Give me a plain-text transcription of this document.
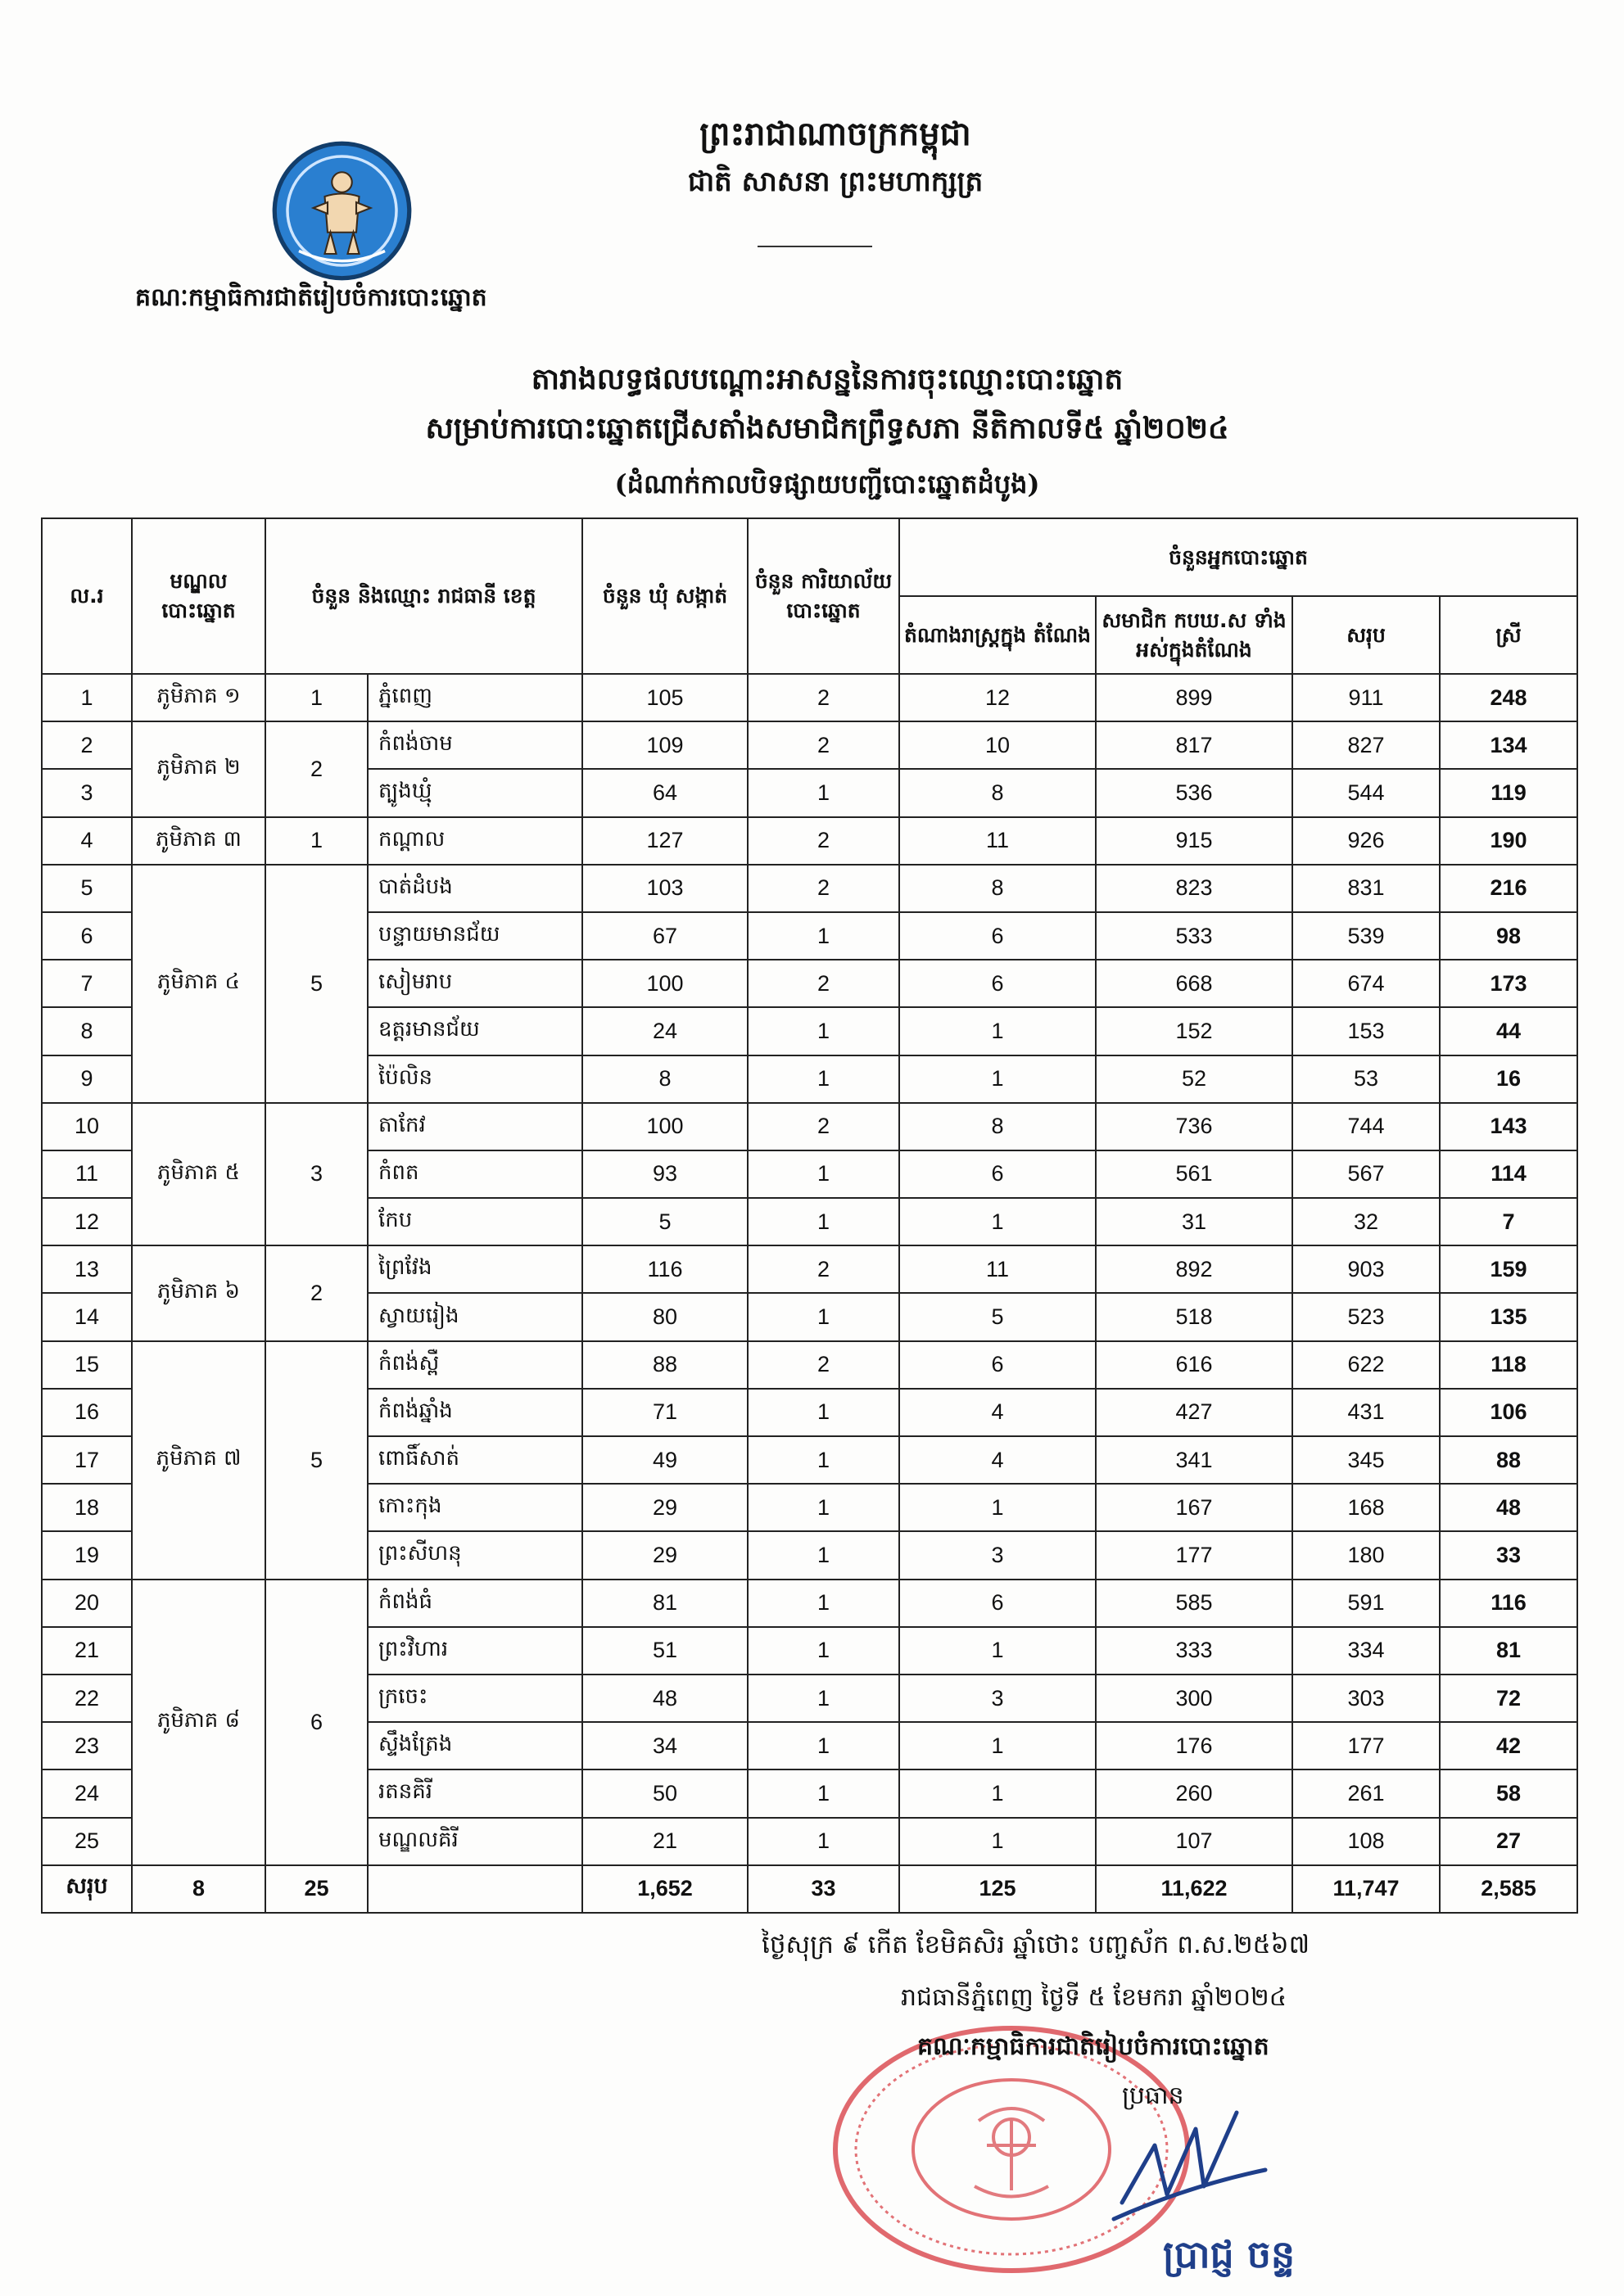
ព្រះរាជាណាចក្រកម្ពុជា
ជាតិ សាសនា ព្រះមហាក្សត្រ
គណៈកម្មាធិការជាតិរៀបចំការបោះឆ្នោត
តារាងលទ្ធផលបណ្ដោះអាសន្ននៃការចុះឈ្មោះបោះឆ្នោត
សម្រាប់ការបោះឆ្នោតជ្រើសតាំងសមាជិកព្រឹទ្ធសភា នីតិកាលទី៥ ឆ្នាំ២០២៤
(ដំណាក់កាលបិទផ្សាយបញ្ជីបោះឆ្នោតដំបូង)
ល.រ	មណ្ឌល បោះឆ្នោត	ចំនួន និងឈ្មោះ រាជធានី ខេត្ត		ចំនួន ឃុំ សង្កាត់	ចំនួន ការិយាល័យ បោះឆ្នោត	ចំនួនអ្នកបោះឆ្នោត			
						តំណាងរាស្ត្រក្នុង តំណែង	សមាជិក កបឃ.ស ទាំងអស់ក្នុងតំណែង	សរុប	ស្រី
1	ភូមិភាគ ១	1	ភ្នំពេញ	105	2	12	899	911	248
2	ភូមិភាគ ២	2	កំពង់ចាម	109	2	10	817	827	134
3			ត្បូងឃ្មុំ	64	1	8	536	544	119
4	ភូមិភាគ ៣	1	កណ្ដាល	127	2	11	915	926	190
5	ភូមិភាគ ៤	5	បាត់ដំបង	103	2	8	823	831	216
6			បន្ទាយមានជ័យ	67	1	6	533	539	98
7			សៀមរាប	100	2	6	668	674	173
8			ឧត្ដរមានជ័យ	24	1	1	152	153	44
9			ប៉ៃលិន	8	1	1	52	53	16
10	ភូមិភាគ ៥	3	តាកែវ	100	2	8	736	744	143
11			កំពត	93	1	6	561	567	114
12			កែប	5	1	1	31	32	7
13	ភូមិភាគ ៦	2	ព្រៃវែង	116	2	11	892	903	159
14			ស្វាយរៀង	80	1	5	518	523	135
15	ភូមិភាគ ៧	5	កំពង់ស្ពឺ	88	2	6	616	622	118
16			កំពង់ឆ្នាំង	71	1	4	427	431	106
17			ពោធិ៍សាត់	49	1	4	341	345	88
18			កោះកុង	29	1	1	167	168	48
19			ព្រះសីហនុ	29	1	3	177	180	33
20	ភូមិភាគ ៨	6	កំពង់ធំ	81	1	6	585	591	116
21			ព្រះវិហារ	51	1	1	333	334	81
22			ក្រចេះ	48	1	3	300	303	72
23			ស្ទឹងត្រែង	34	1	1	176	177	42
24			រតនគិរី	50	1	1	260	261	58
25			មណ្ឌលគិរី	21	1	1	107	108	27
សរុប	8	25		1,652	33	125	11,622	11,747	2,585
ថ្ងៃសុក្រ ៩ កើត ខែមិគសិរ ឆ្នាំថោះ បញ្ចស័ក ព.ស.២៥៦៧
រាជធានីភ្នំពេញ ថ្ងៃទី ៥ ខែមករា ឆ្នាំ២០២៤
គណៈកម្មាធិការជាតិរៀបចំការបោះឆ្នោត
ប្រធាន
ប្រាជ្ញ ចន្ទ
